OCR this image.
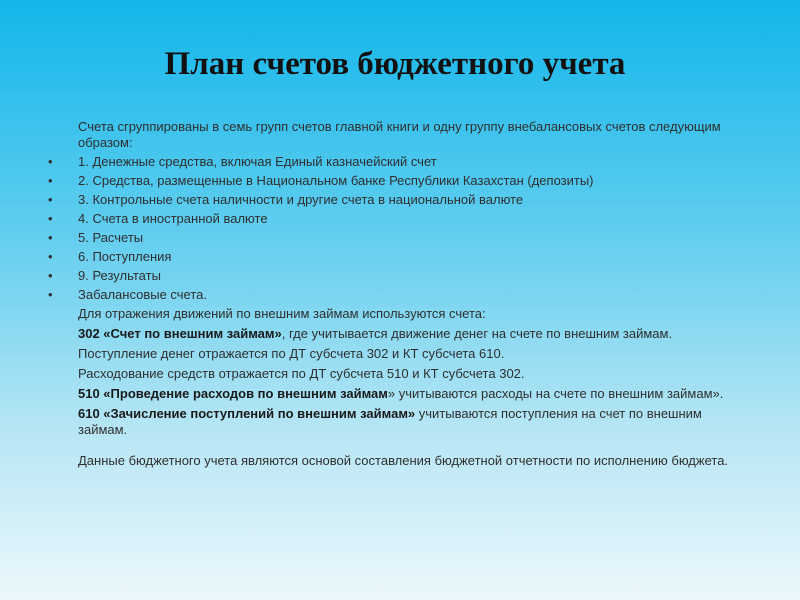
План счетов бюджетного учета

Счета сгруппированы в семь групп счетов главной книги и одну группу внебалансовых счетов следующим образом:

• 1. Денежные средства, включая Единый казначейский счет
• 2. Средства, размещенные в Национальном банке Республики Казахстан (депозиты)
• 3. Контрольные счета наличности и другие счета в национальной валюте
• 4. Счета в иностранной валюте
• 5. Расчеты
• 6. Поступления
• 9. Результаты
• Забалансовые счета.

Для отражения движений по внешним займам используются счета:

302 «Счет по внешним займам», где учитывается движение денег на счете по внешним займам.

Поступление денег отражается по ДТ субсчета 302 и КТ субсчета 610.

Расходование средств отражается по ДТ субсчета 510 и КТ субсчета 302.

510 «Проведение расходов по внешним займам» учитываются расходы на счете по внешним займам».

610 «Зачисление поступлений по внешним займам» учитываются поступления на счет по внешним займам.

Данные бюджетного учета являются основой составления бюджетной отчетности по исполнению бюджета.
